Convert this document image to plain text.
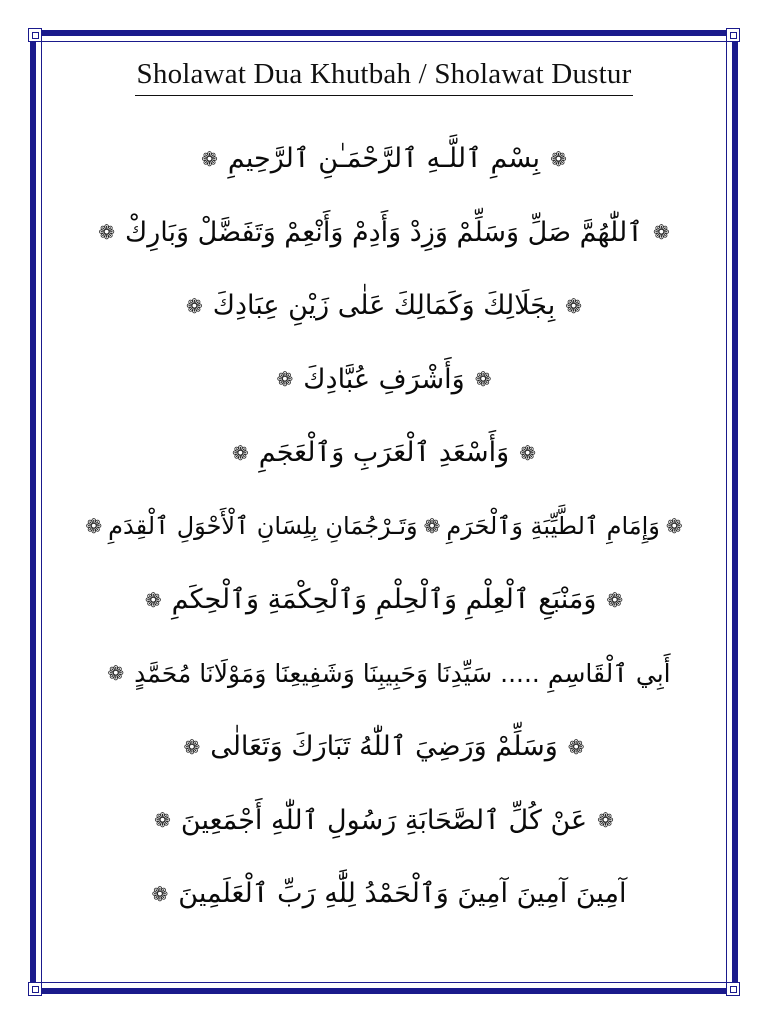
Sholawat Dua Khutbah / Sholawat Dustur
❁
بِسْمِ ٱللَّـهِ ٱلرَّحْمَـٰنِ ٱلرَّحِيمِ
❁
❁
ٱللّٰهُمَّ صَلِّ وَسَلِّمْ وَزِدْ وَأَدِمْ وَأَنْعِمْ وَتَفَضَّلْ وَبَارِكْ
❁
❁
بِجَلَالِكَ وَكَمَالِكَ عَلٰى زَيْنِ عِبَادِكَ
❁
❁
وَأَشْرَفِ عُبَّادِكَ
❁
❁
وَأَسْعَدِ ٱلْعَرَبِ وَٱلْعَجَمِ
❁
❁
وَإِمَامِ ٱلطَّيِّبَةِ وَٱلْحَرَمِ
❁
وَتَـرْجُمَانِ بِلِسَانِ ٱلْأَحْوَلِ ٱلْقِدَمِ
❁
❁
وَمَنْبَعِ ٱلْعِلْمِ وَٱلْحِلْمِ وَٱلْحِكْمَةِ وَٱلْحِكَمِ
❁
أَبِي ٱلْقَاسِمِ ..... سَيِّدِنَا وَحَبِيبِنَا وَشَفِيعِنَا وَمَوْلَانَا مُحَمَّدٍ
❁
❁
وَسَلِّمْ وَرَضِيَ ٱللّٰهُ تَبَارَكَ وَتَعَالٰى
❁
❁
عَنْ كُلِّ ٱلصَّحَابَةِ رَسُولِ ٱللّٰهِ أَجْمَعِينَ
❁
آمِينَ آمِينَ آمِينَ وَٱلْحَمْدُ لِلَّٰهِ رَبِّ ٱلْعَلَمِينَ
❁
